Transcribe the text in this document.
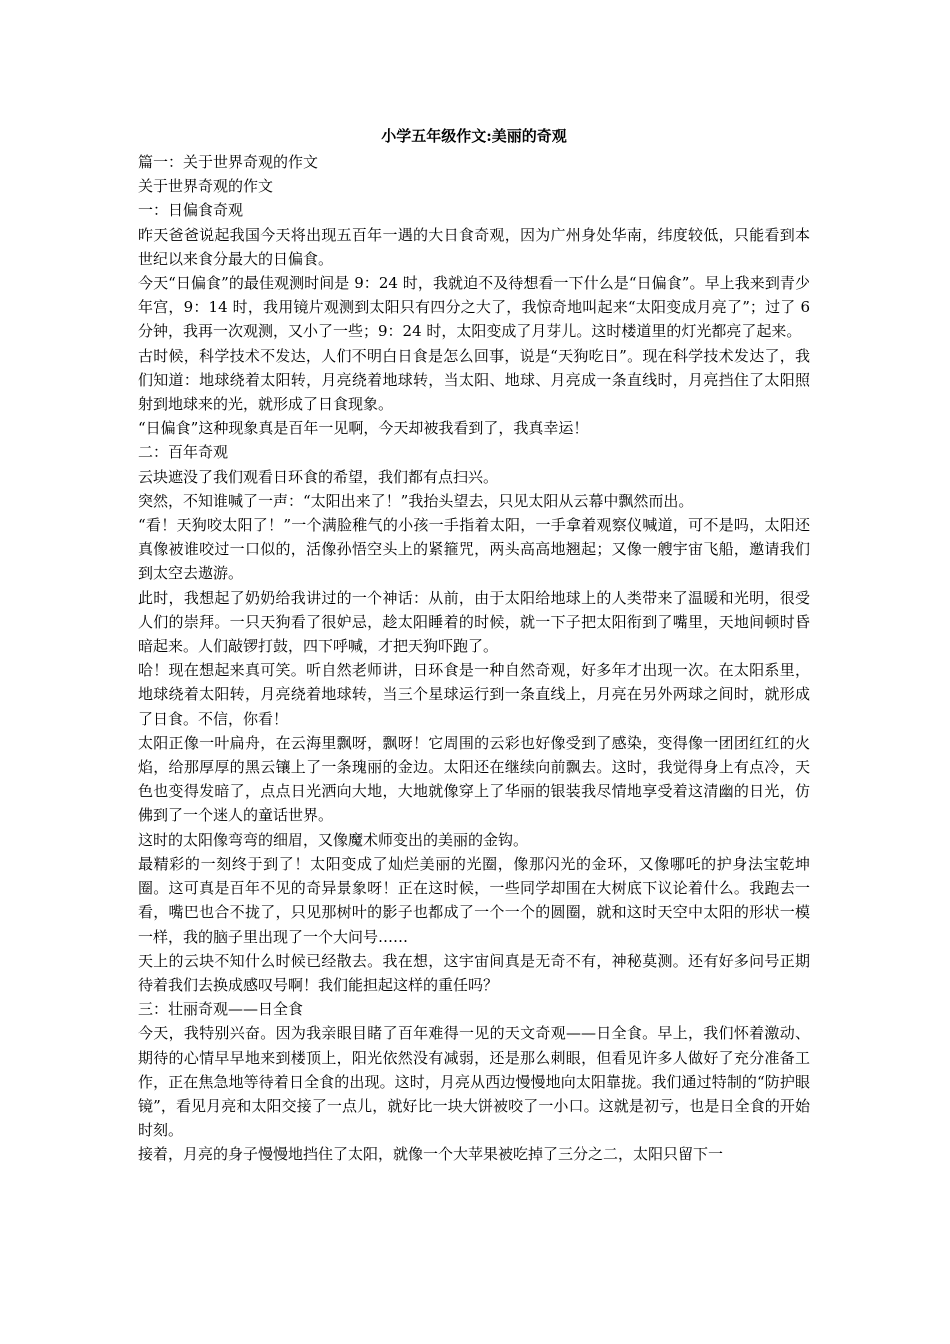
小学五年级作文:美丽的奇观

篇一：关于世界奇观的作文

关于世界奇观的作文

一：日偏食奇观

昨天爸爸说起我国今天将出现五百年一遇的大日食奇观，因为广州身处华南，纬度较低，只能看到本世纪以来食分最大的日偏食。

今天“日偏食”的最佳观测时间是 9：24 时，我就迫不及待想看一下什么是“日偏食”。早上我来到青少年宫，9：14 时，我用镜片观测到太阳只有四分之大了，我惊奇地叫起来“太阳变成月亮了”；过了 6 分钟，我再一次观测，又小了一些；9：24 时，太阳变成了月芽儿。这时楼道里的灯光都亮了起来。

古时候，科学技术不发达，人们不明白日食是怎么回事，说是“天狗吃日”。现在科学技术发达了，我们知道：地球绕着太阳转，月亮绕着地球转，当太阳、地球、月亮成一条直线时，月亮挡住了太阳照射到地球来的光，就形成了日食现象。

“日偏食”这种现象真是百年一见啊，今天却被我看到了，我真幸运！

二：百年奇观

云块遮没了我们观看日环食的希望，我们都有点扫兴。

突然，不知谁喊了一声：“太阳出来了！”我抬头望去，只见太阳从云幕中飘然而出。

“看！天狗咬太阳了！”一个满脸稚气的小孩一手指着太阳，一手拿着观察仪喊道，可不是吗，太阳还真像被谁咬过一口似的，活像孙悟空头上的紧箍咒，两头高高地翘起；又像一艘宇宙飞船，邀请我们到太空去遨游。

此时，我想起了奶奶给我讲过的一个神话：从前，由于太阳给地球上的人类带来了温暖和光明，很受人们的崇拜。一只天狗看了很妒忌，趁太阳睡着的时候，就一下子把太阳衔到了嘴里，天地间顿时昏暗起来。人们敲锣打鼓，四下呼喊，才把天狗吓跑了。

哈！现在想起来真可笑。听自然老师讲，日环食是一种自然奇观，好多年才出现一次。在太阳系里，地球绕着太阳转，月亮绕着地球转，当三个星球运行到一条直线上，月亮在另外两球之间时，就形成了日食。不信，你看！

太阳正像一叶扁舟，在云海里飘呀，飘呀！它周围的云彩也好像受到了感染，变得像一团团红红的火焰，给那厚厚的黑云镶上了一条瑰丽的金边。太阳还在继续向前飘去。这时，我觉得身上有点冷，天色也变得发暗了，点点日光洒向大地，大地就像穿上了华丽的银装我尽情地享受着这清幽的日光，仿佛到了一个迷人的童话世界。

这时的太阳像弯弯的细眉，又像魔术师变出的美丽的金钩。

最精彩的一刻终于到了！太阳变成了灿烂美丽的光圈，像那闪光的金环，又像哪吒的护身法宝乾坤圈。这可真是百年不见的奇异景象呀！正在这时候，一些同学却围在大树底下议论着什么。我跑去一看，嘴巴也合不拢了，只见那树叶的影子也都成了一个一个的圆圈，就和这时天空中太阳的形状一模一样，我的脑子里出现了一个大问号……

天上的云块不知什么时候已经散去。我在想，这宇宙间真是无奇不有，神秘莫测。还有好多问号正期待着我们去换成感叹号啊！我们能担起这样的重任吗？

三：壮丽奇观——日全食

今天，我特别兴奋。因为我亲眼目睹了百年难得一见的天文奇观——日全食。早上，我们怀着激动、期待的心情早早地来到楼顶上，阳光依然没有减弱，还是那么刺眼，但看见许多人做好了充分准备工作，正在焦急地等待着日全食的出现。这时，月亮从西边慢慢地向太阳靠拢。我们通过特制的“防护眼镜”，看见月亮和太阳交接了一点儿，就好比一块大饼被咬了一小口。这就是初亏，也是日全食的开始时刻。

接着，月亮的身子慢慢地挡住了太阳，就像一个大苹果被吃掉了三分之二，太阳只留下一
